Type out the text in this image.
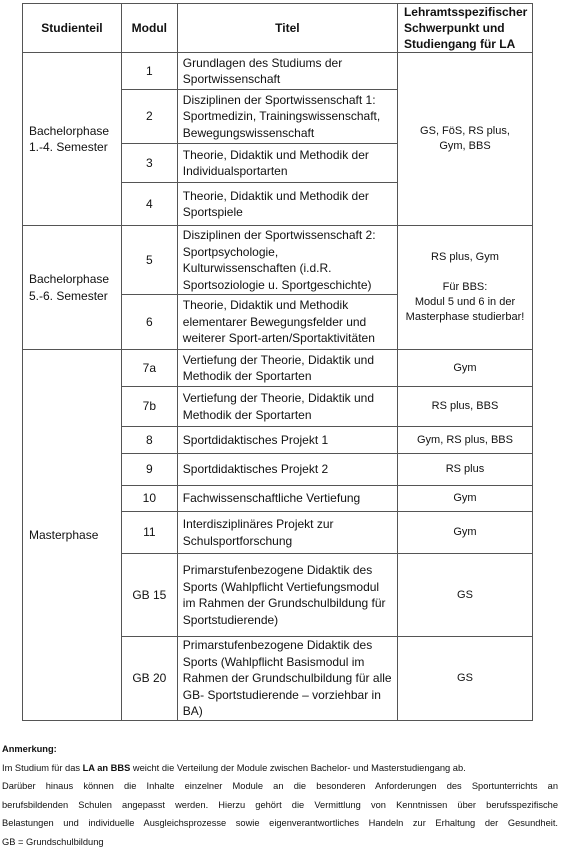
Studienteil	Modul	Titel	Lehramtsspezifischer
Schwerpunkt und
Studiengang für LA
Bachelorphase
1.-4. Semester	1	Grundlagen des Studiums der Sportwissenschaft	GS, FöS, RS plus,
Gym, BBS
	2	Disziplinen der Sportwissenschaft 1: Sportmedizin, Trainingswissenschaft, Bewegungswissenschaft	
	3	Theorie, Didaktik und Methodik der Individualsportarten	
	4	Theorie, Didaktik und Methodik der Sportspiele	
Bachelorphase
5.-6. Semester	5	Disziplinen der Sportwissenschaft 2: Sportpsychologie, Kulturwissenschaften (i.d.R. Sportsoziologie u. Sportgeschichte)	RS plus, Gym

Für BBS:
Modul 5 und 6 in der
Masterphase studierbar!
	6	Theorie, Didaktik und Methodik elementarer Bewegungsfelder und weiterer Sport-arten/Sportaktivitäten	
Masterphase	7a	Vertiefung der Theorie, Didaktik und Methodik der Sportarten	Gym
	7b	Vertiefung der Theorie, Didaktik und Methodik der Sportarten	RS plus, BBS
	8	Sportdidaktisches Projekt 1	Gym, RS plus, BBS
	9	Sportdidaktisches Projekt 2	RS plus
	10	Fachwissenschaftliche Vertiefung	Gym
	11	Interdisziplinäres Projekt zur Schulsportforschung	Gym
	GB 15	Primarstufenbezogene Didaktik des Sports (Wahlpflicht Vertiefungsmodul im Rahmen der Grundschulbildung für Sportstudierende)	GS
	GB 20	Primarstufenbezogene Didaktik des Sports (Wahlpflicht Basismodul im Rahmen der Grundschulbildung für alle GB- Sportstudierende – vorziehbar in BA)	GS

Anmerkung:

Im Studium für das LA an BBS weicht die Verteilung der Module zwischen Bachelor- und Masterstudiengang ab.

Darüber hinaus können die Inhalte einzelner Module an die besonderen Anforderungen des Sportunterrichts an

berufsbildenden Schulen angepasst werden. Hierzu gehört die Vermittlung von Kenntnissen über berufsspezifische

Belastungen und individuelle Ausgleichsprozesse sowie eigenverantwortliches Handeln zur Erhaltung der Gesundheit.

GB = Grundschulbildung
